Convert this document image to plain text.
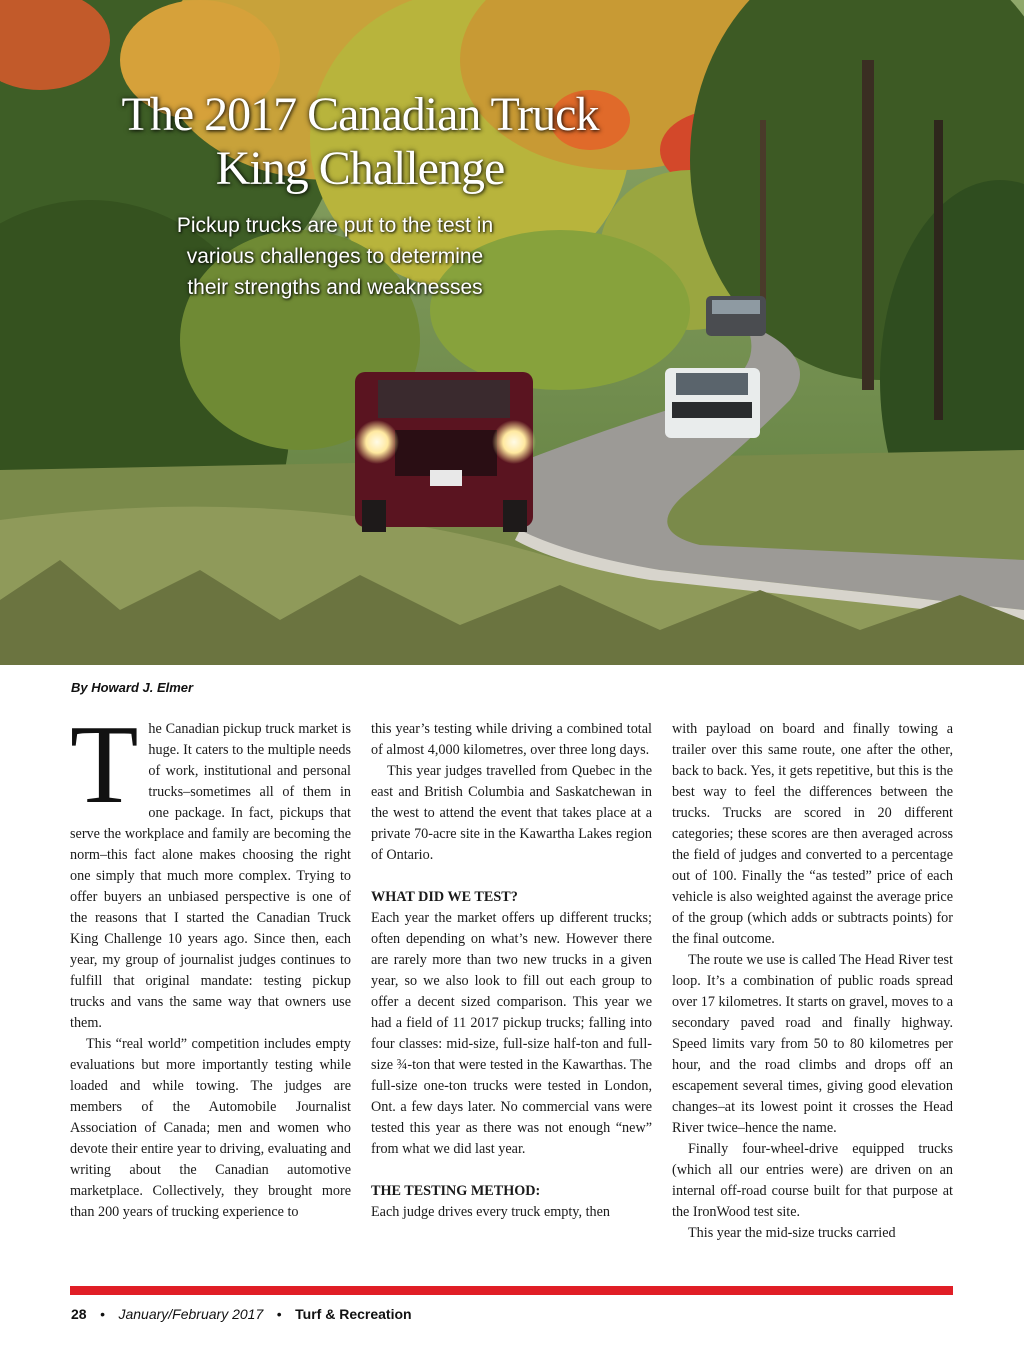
The 2017 Canadian Truck
King Challenge
Pickup trucks are put to the test in
various challenges to determine
their strengths and weaknesses
By Howard J. Elmer
T he Canadian pickup truck market is huge. It caters to the multiple needs of work, institutional and personal trucks–sometimes all of them in one package. In fact, pickups that serve the workplace and family are becoming the norm–this fact alone makes choosing the right one simply that much more complex. Trying to offer buyers an unbiased perspective is one of the reasons that I started the Canadian Truck King Challenge 10 years ago. Since then, each year, my group of journalist judges continues to fulfill that original mandate: testing pickup trucks and vans the same way that owners use them.

This “real world” competition includes empty evaluations but more importantly testing while loaded and while towing. The judges are members of the Automobile Journalist Association of Canada; men and women who devote their entire year to driving, evaluating and writing about the Canadian automotive marketplace. Collectively, they brought more than 200 years of trucking experience to

this year’s testing while driving a combined total of almost 4,000 kilometres, over three long days.

This year judges travelled from Quebec in the east and British Columbia and Saskatchewan in the west to attend the event that takes place at a private 70-acre site in the Kawartha Lakes region of Ontario.

WHAT DID WE TEST?

Each year the market offers up different trucks; often depending on what’s new. However there are rarely more than two new trucks in a given year, so we also look to fill out each group to offer a decent sized comparison. This year we had a field of 11 2017 pickup trucks; falling into four classes: mid-size, full-size half-ton and full-size ¾-ton that were tested in the Kawarthas. The full-size one-ton trucks were tested in London, Ont. a few days later. No commercial vans were tested this year as there was not enough “new” from what we did last year.

THE TESTING METHOD:

Each judge drives every truck empty, then

with payload on board and finally towing a trailer over this same route, one after the other, back to back. Yes, it gets repetitive, but this is the best way to feel the differences between the trucks. Trucks are scored in 20 different categories; these scores are then averaged across the field of judges and converted to a percentage out of 100. Finally the “as tested” price of each vehicle is also weighted against the average price of the group (which adds or subtracts points) for the final outcome.

The route we use is called The Head River test loop. It’s a combination of public roads spread over 17 kilometres. It starts on gravel, moves to a secondary paved road and finally highway. Speed limits vary from 50 to 80 kilometres per hour, and the road climbs and drops off an escapement several times, giving good elevation changes–at its lowest point it crosses the Head River twice–hence the name.

Finally four-wheel-drive equipped trucks (which all our entries were) are driven on an internal off-road course built for that purpose at the IronWood test site.

This year the mid-size trucks carried

28 • January/February 2017 • Turf & Recreation
